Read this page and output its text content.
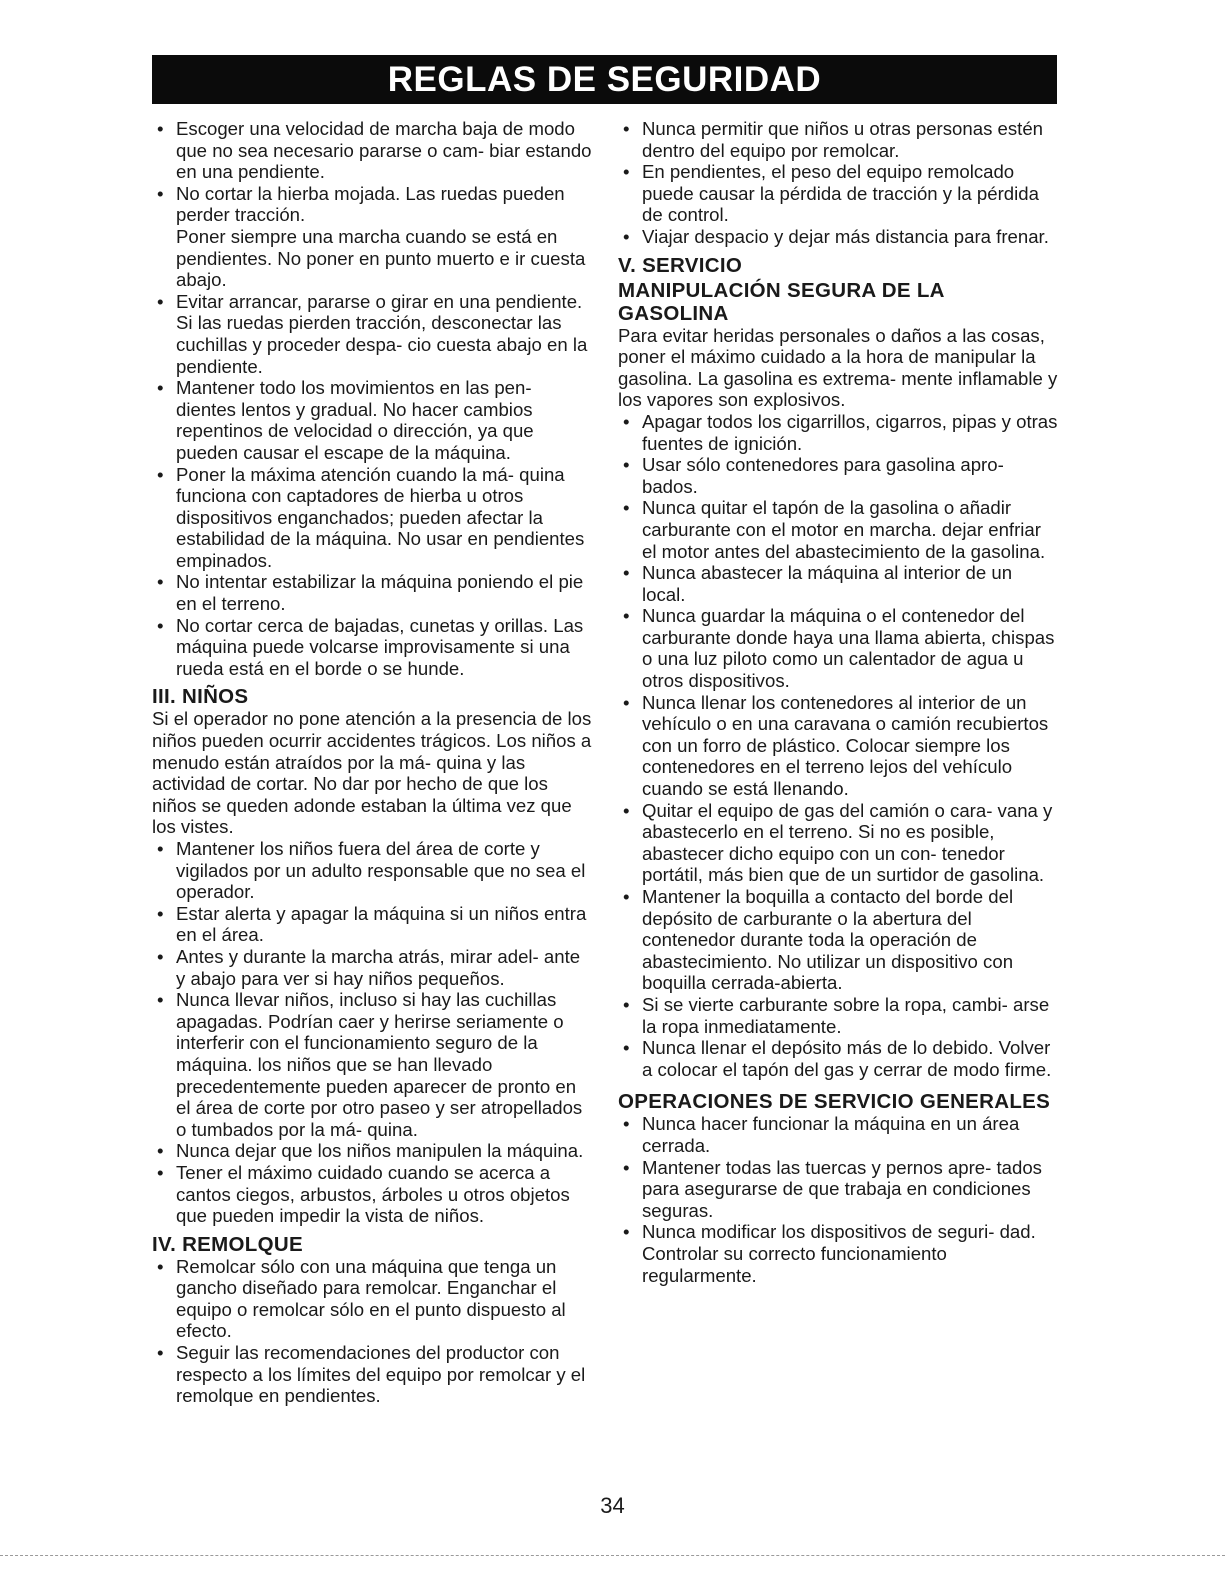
REGLAS DE SEGURIDAD
• Escoger una velocidad de marcha baja de modo que no sea necesario pararse o cam- biar estando en una pendiente.
• No cortar la hierba mojada. Las ruedas pueden perder tracción.

Poner siempre una marcha cuando se está en pendientes. No poner en punto muerto e ir cuesta abajo.

• Evitar arrancar, pararse o girar en una pendiente. Si las ruedas pierden tracción, desconectar las cuchillas y proceder despa- cio cuesta abajo en la pendiente.
• Mantener todo los movimientos en las pen- dientes lentos y gradual. No hacer cambios repentinos de velocidad o dirección, ya que pueden causar el escape de la máquina.
• Poner la máxima atención cuando la má- quina funciona con captadores de hierba u otros dispositivos enganchados; pueden afectar la estabilidad de la máquina. No usar en pendientes empinados.
• No intentar estabilizar la máquina poniendo el pie en el terreno.
• No cortar cerca de bajadas, cunetas y orillas. Las máquina puede volcarse improvisamente si una rueda está en el borde o se hunde.
III. NIÑOS

Si el operador no pone atención a la presencia de los niños pueden ocurrir accidentes trágicos. Los niños a menudo están atraídos por la má- quina y las actividad de cortar. No dar por hecho de que los niños se queden adonde estaban la última vez que los vistes.

• Mantener los niños fuera del área de corte y vigilados por un adulto responsable que no sea el operador.
• Estar alerta y apagar la máquina si un niños entra en el área.
• Antes y durante la marcha atrás, mirar adel- ante y abajo para ver si hay niños pequeños.
• Nunca llevar niños, incluso si hay las cuchillas apagadas. Podrían caer y herirse seriamente o interferir con el funcionamiento seguro de la máquina. los niños que se han llevado precedentemente pueden aparecer de pronto en el área de corte por otro paseo y ser atropellados o tumbados por la má- quina.
• Nunca dejar que los niños manipulen la máquina.
• Tener el máximo cuidado cuando se acerca a cantos ciegos, arbustos, árboles u otros objetos que pueden impedir la vista de niños.
IV. REMOLQUE
• Remolcar sólo con una máquina que tenga un gancho diseñado para remolcar. Enganchar el equipo o remolcar sólo en el punto dispuesto al efecto.
• Seguir las recomendaciones del productor con respecto a los límites del equipo por remolcar y el remolque en pendientes.
• Nunca permitir que niños u otras personas estén dentro del equipo por remolcar.
• En pendientes, el peso del equipo remolcado puede causar la pérdida de tracción y la pérdida de control.
• Viajar despacio y dejar más distancia para frenar.
V. SERVICIO
MANIPULACIÓN SEGURA DE LA GASOLINA

Para evitar heridas personales o daños a las cosas, poner el máximo cuidado a la hora de manipular la gasolina. La gasolina es extrema- mente inflamable y los vapores son explosivos.

• Apagar todos los cigarrillos, cigarros, pipas y otras fuentes de ignición.
• Usar sólo contenedores para gasolina apro- bados.
• Nunca quitar el tapón de la gasolina o añadir carburante con el motor en marcha. dejar enfriar el motor antes del abastecimiento de la gasolina.
• Nunca abastecer la máquina al interior de un local.
• Nunca guardar la máquina o el contenedor del carburante donde haya una llama abierta, chispas o una luz piloto como un calentador de agua u otros dispositivos.
• Nunca llenar los contenedores al interior de un vehículo o en una caravana o camión recubiertos con un forro de plástico. Colocar siempre los contenedores en el terreno lejos del vehículo cuando se está llenando.
• Quitar el equipo de gas del camión o cara- vana y abastecerlo en el terreno. Si no es posible, abastecer dicho equipo con un con- tenedor portátil, más bien que de un surtidor de gasolina.
• Mantener la boquilla a contacto del borde del depósito de carburante o la abertura del contenedor durante toda la operación de abastecimiento. No utilizar un dispositivo con boquilla cerrada-abierta.
• Si se vierte carburante sobre la ropa, cambi- arse la ropa inmediatamente.
• Nunca llenar el depósito más de lo debido. Volver a colocar el tapón del gas y cerrar de modo firme.
OPERACIONES DE SERVICIO GENERALES
• Nunca hacer funcionar la máquina en un área cerrada.
• Mantener todas las tuercas y pernos apre- tados para asegurarse de que trabaja en condiciones seguras.
• Nunca modificar los dispositivos de seguri- dad. Controlar su correcto funcionamiento regularmente.
34
